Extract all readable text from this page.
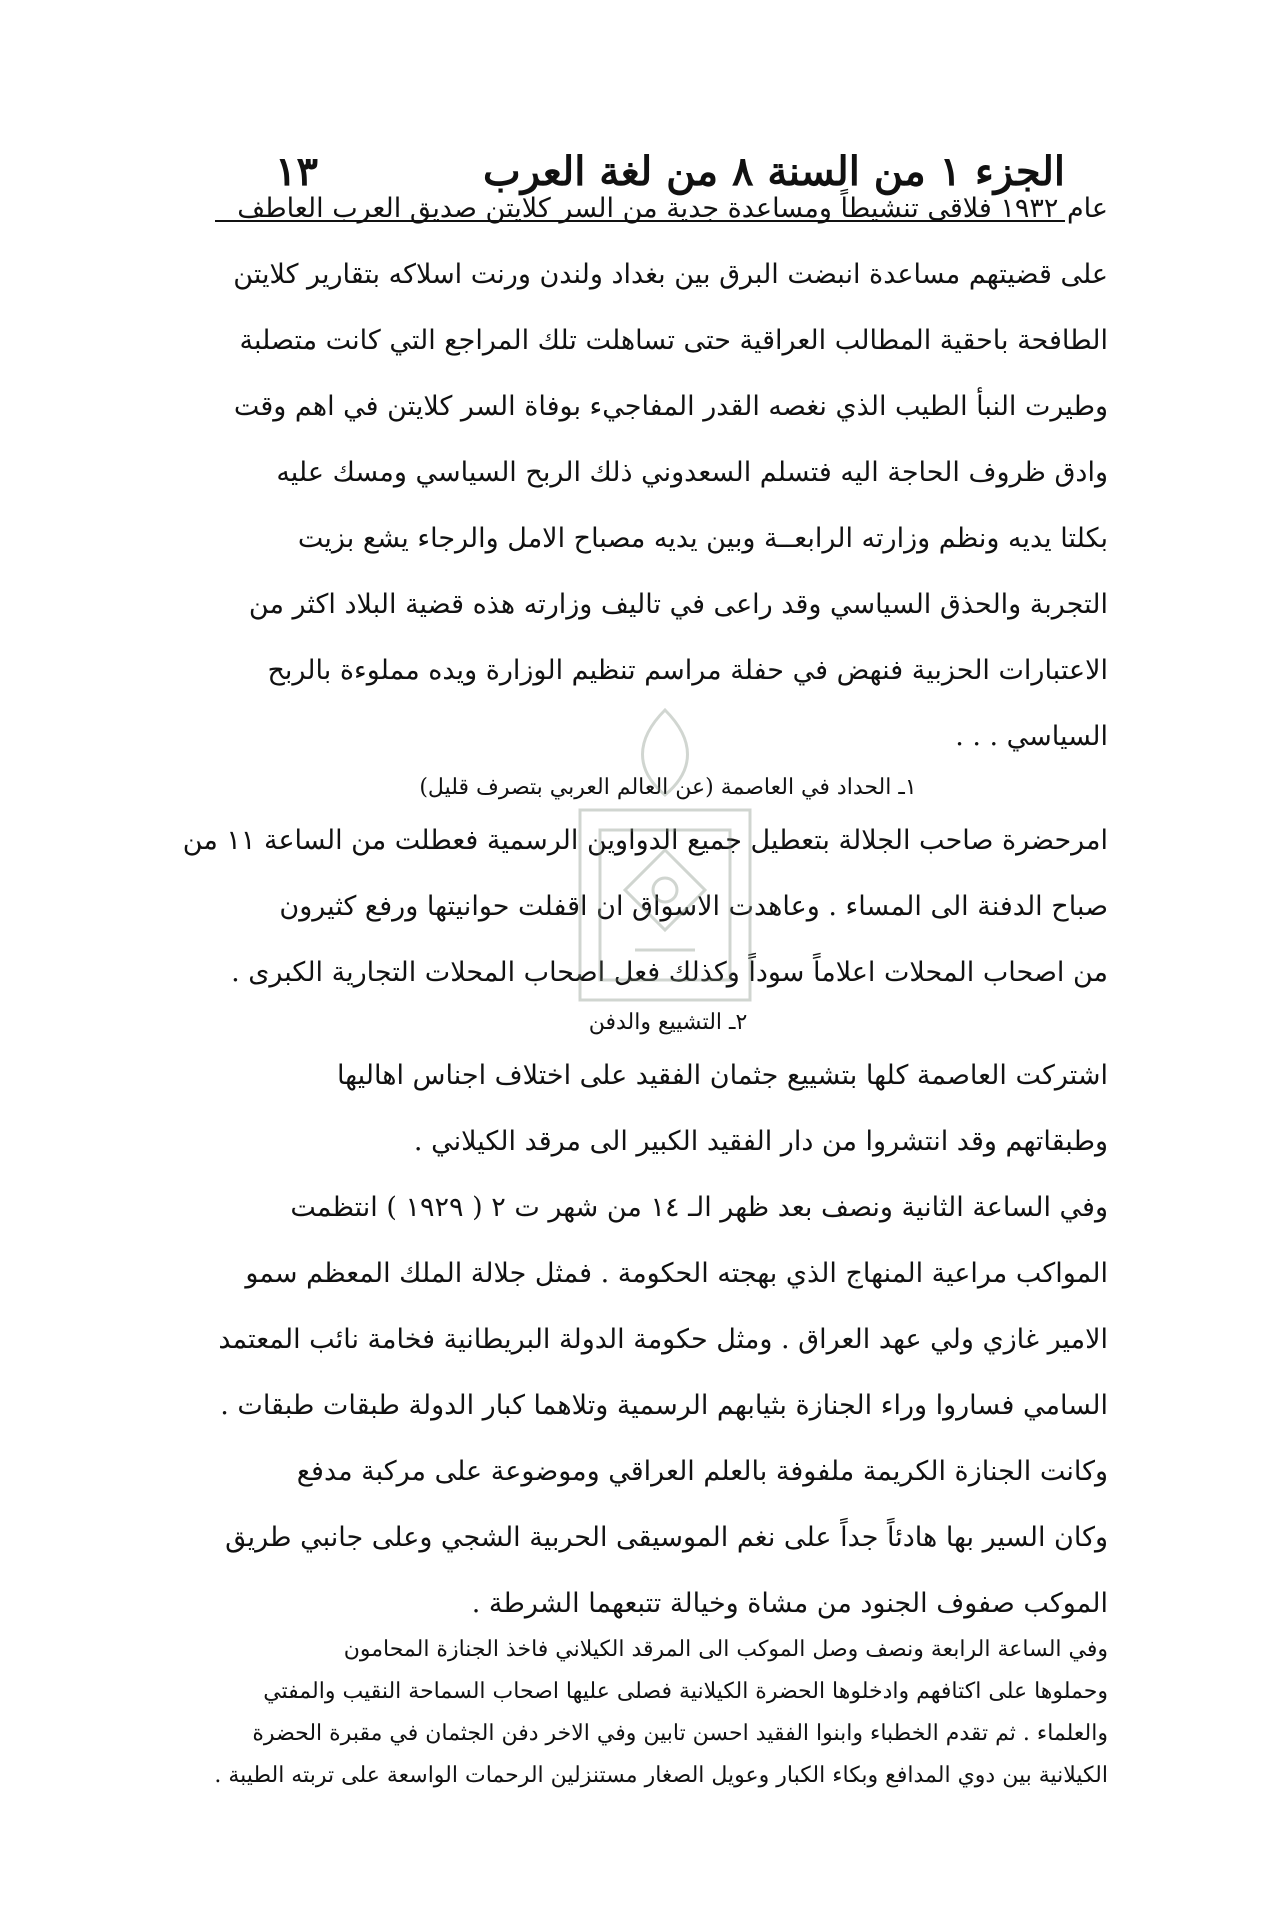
الجزء ١ من السنة ٨ من لغة العرب
١٣
عام ١٩٣٢ فلاقى تنشيطاً ومساعدة جدية من السر كلايتن صديق العرب العاطف
على قضيتهم مساعدة انبضت البرق بين بغداد ولندن ورنت اسلاكه بتقارير كلايتن
الطافحة باحقية المطالب العراقية حتى تساهلت تلك المراجع التي كانت متصلبة
وطيرت النبأ الطيب الذي نغصه القدر المفاجيء بوفاة السر كلايتن في اهم وقت
وادق ظروف الحاجة اليه فتسلم السعدوني ذلك الربح السياسي ومسك عليه
بكلتا يديه ونظم وزارته الرابعــة وبين يديه مصباح الامل والرجاء يشع بزيت
التجربة والحذق السياسي وقد راعى في تاليف وزارته هذه قضية البلاد اكثر من
الاعتبارات الحزبية فنهض في حفلة مراسم تنظيم الوزارة ويده مملوءة بالربح
السياسي . . .
١ـ الحداد في العاصمة (عن العالم العربي بتصرف قليل)
امرحضرة صاحب الجلالة بتعطيل جميع الدواوين الرسمية فعطلت من الساعة ١١ من
صباح الدفنة الى المساء . وعاهدت الاسواق ان اقفلت حوانيتها ورفع كثيرون
من اصحاب المحلات اعلاماً سوداً وكذلك فعل اصحاب المحلات التجارية الكبرى .
٢ـ التشييع والدفن
اشتركت العاصمة كلها بتشييع جثمان الفقيد على اختلاف اجناس اهاليها
وطبقاتهم وقد انتشروا من دار الفقيد الكبير الى مرقد الكيلاني .
وفي الساعة الثانية ونصف بعد ظهر الـ ١٤ من شهر ت ٢ ( ١٩٢٩ ) انتظمت
المواكب مراعية المنهاج الذي بهجته الحكومة . فمثل جلالة الملك المعظم سمو
الامير غازي ولي عهد العراق . ومثل حكومة الدولة البريطانية فخامة نائب المعتمد
السامي فساروا وراء الجنازة بثيابهم الرسمية وتلاهما كبار الدولة طبقات طبقات .
وكانت الجنازة الكريمة ملفوفة بالعلم العراقي وموضوعة على مركبة مدفع
وكان السير بها هادئاً جداً على نغم الموسيقى الحربية الشجي وعلى جانبي طريق
الموكب صفوف الجنود من مشاة وخيالة تتبعهما الشرطة .
وفي الساعة الرابعة ونصف وصل الموكب الى المرقد الكيلاني فاخذ الجنازة المحامون
وحملوها على اكتافهم وادخلوها الحضرة الكيلانية فصلى عليها اصحاب السماحة النقيب والمفتي
والعلماء . ثم تقدم الخطباء وابنوا الفقيد احسن تابين وفي الاخر دفن الجثمان في مقبرة الحضرة
الكيلانية بين دوي المدافع وبكاء الكبار وعويل الصغار مستنزلين الرحمات الواسعة على تربته الطيبة .
